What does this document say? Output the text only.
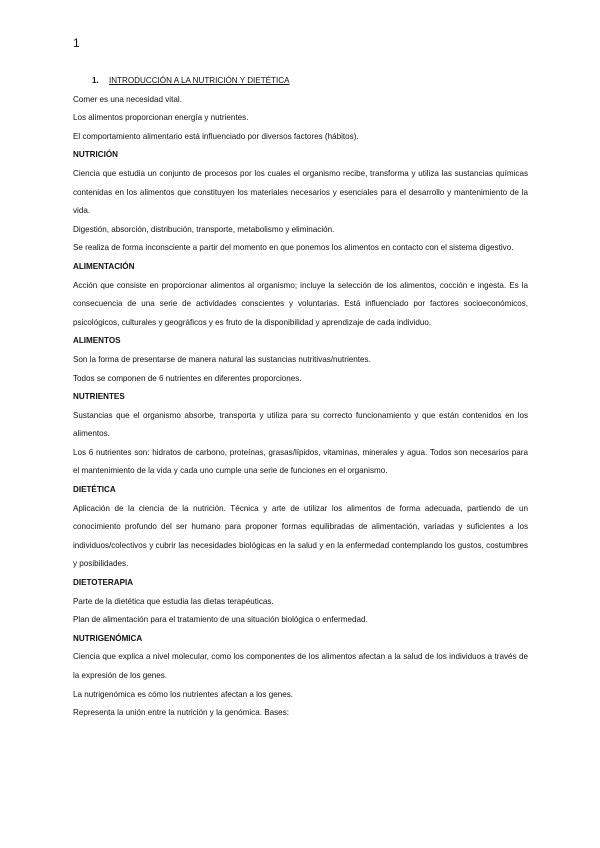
1
1. INTRODUCCIÓN A LA NUTRICIÓN Y DIETÉTICA

Comer es una necesidad vital.

Los alimentos proporcionan energía y nutrientes.

El comportamiento alimentario está influenciado por diversos factores (hábitos).

NUTRICIÓN

Ciencia que estudia un conjunto de procesos por los cuales el organismo recibe, transforma y utiliza las sustancias químicas contenidas en los alimentos que constituyen los materiales necesarios y esenciales para el desarrollo y mantenimiento de la vida.

Digestión, absorción, distribución, transporte, metabolismo y eliminación.

Se realiza de forma inconsciente a partir del momento en que ponemos los alimentos en contacto con el sistema digestivo.

ALIMENTACIÓN

Acción que consiste en proporcionar alimentos al organismo; incluye la selección de los alimentos, cocción e ingesta. Es la consecuencia de una serie de actividades conscientes y voluntarias. Está influenciado por factores socioeconómicos, psicológicos, culturales y geográficos y es fruto de la disponibilidad y aprendizaje de cada individuo.

ALIMENTOS

Son la forma de presentarse de manera natural las sustancias nutritivas/nutrientes.

Todos se componen de 6 nutrientes en diferentes proporciones.

NUTRIENTES

Sustancias que el organismo absorbe, transporta y utiliza para su correcto funcionamiento y que están contenidos en los alimentos.

Los 6 nutrientes son: hidratos de carbono, proteínas, grasas/lípidos, vitaminas, minerales y agua. Todos son necesarios para el mantenimiento de la vida y cada uno cumple una serie de funciones en el organismo.

DIETÉTICA

Aplicación de la ciencia de la nutrición. Técnica y arte de utilizar los alimentos de forma adecuada, partiendo de un conocimiento profundo del ser humano para proponer formas equilibradas de alimentación, variadas y suficientes a los individuos/colectivos y cubrir las necesidades biológicas en la salud y en la enfermedad contemplando los gustos, costumbres y posibilidades.

DIETOTERAPIA

Parte de la dietética que estudia las dietas terapéuticas.

Plan de alimentación para el tratamiento de una situación biológica o enfermedad.

NUTRIGENÓMICA

Ciencia que explica a nivel molecular, como los componentes de los alimentos afectan a la salud de los individuos a través de la expresión de los genes.

La nutrigenómica es cómo los nutrientes afectan a los genes.

Representa la unión entre la nutrición y la genómica. Bases:
